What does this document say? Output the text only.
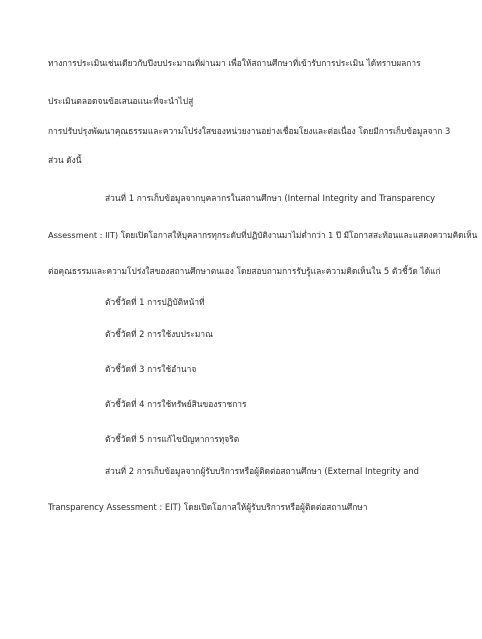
ทางการประเมินเช่นเดียวกับปีงบประมาณที่ผ่านมา เพื่อให้สถานศึกษาที่เข้ารับการประเมิน ได้ทราบผลการ
ประเมินตลอดจนข้อเสนอแนะที่จะนำไปสู่
การปรับปรุงพัฒนาคุณธรรมและความโปร่งใสของหน่วยงานอย่างเชื่อมโยงและต่อเนื่อง โดยมีการเก็บข้อมูลจาก 3
ส่วน ดังนี้
ส่วนที่ 1 การเก็บข้อมูลจากบุคลากรในสถานศึกษา (Internal Integrity and Transparency
Assessment : IIT) โดยเปิดโอกาสให้บุคลากรทุกระดับที่ปฏิบัติงานมาไม่ต่ำกว่า 1 ปี มีโอกาสสะท้อนและแสดงความคิดเห็น
ต่อคุณธรรมและความโปร่งใสของสถานศึกษาตนเอง โดยสอบถามการรับรู้และความคิดเห็นใน 5 ตัวชี้วัด ได้แก่
ตัวชี้วัดที่ 1 การปฏิบัติหน้าที่
ตัวชี้วัดที่ 2 การใช้งบประมาณ
ตัวชี้วัดที่ 3 การใช้อำนาจ
ตัวชี้วัดที่ 4 การใช้ทรัพย์สินของราชการ
ตัวชี้วัดที่ 5 การแก้ไขปัญหาการทุจริต
ส่วนที่ 2 การเก็บข้อมูลจากผู้รับบริการหรือผู้ติดต่อสถานศึกษา (External Integrity and
Transparency Assessment : EIT) โดยเปิดโอกาสให้ผู้รับบริการหรือผู้ติดต่อสถานศึกษา
